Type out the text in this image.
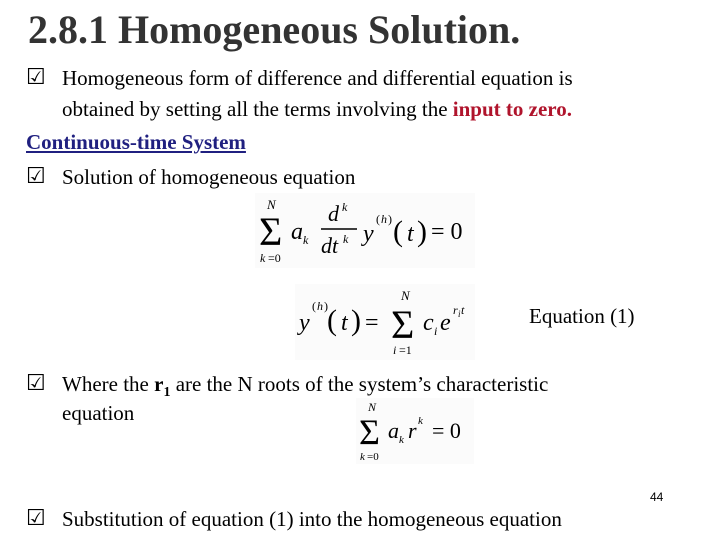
2.8.1 Homogeneous Solution.
☑ Homogeneous form of difference and differential equation is
obtained by setting all the terms involving the input to zero.
Continuous-time System
☑ Solution of homogeneous equation
N
Σ
k =0
a k
d k
dt k y
( h ) ( t ) = 0
y
( h ) ( t ) =
N
Σ
i =1
c i e r i t	Equation (1)
☑ Where the $r_1$ are the N roots of the system’s characteristic
equation	N
Σ
k =0
a k r k = 0
44
☑ Substitution of equation (1) into the homogeneous equation
